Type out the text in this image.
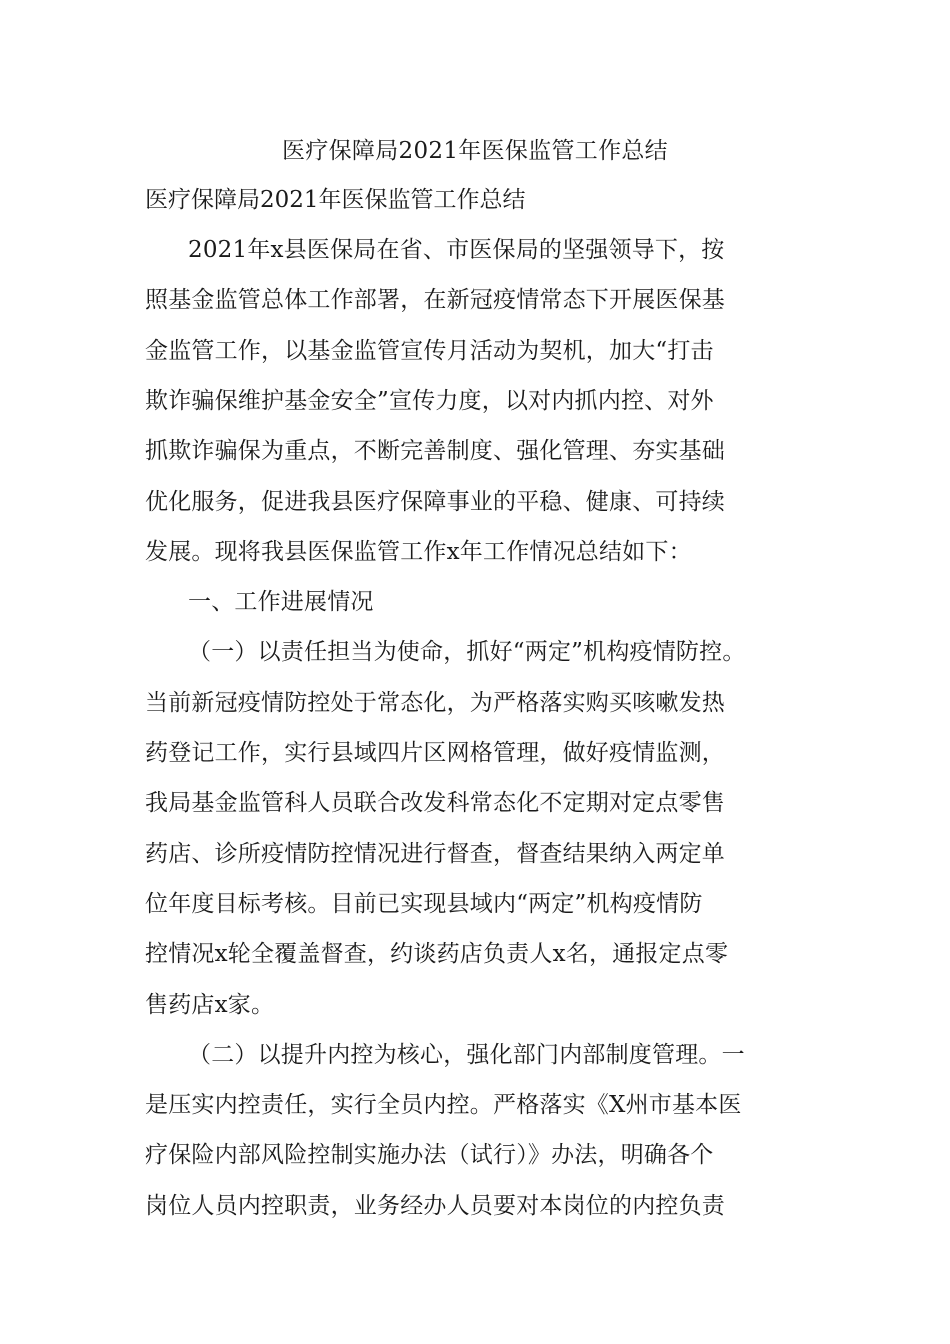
医疗保障局2021年医保监管工作总结
医疗保障局2021年医保监管工作总结
2021年x县医保局在省、市医保局的坚强领导下，按
照基金监管总体工作部署，在新冠疫情常态下开展医保基
金监管工作，以基金监管宣传月活动为契机，加大“打击
欺诈骗保维护基金安全”宣传力度，以对内抓内控、对外
抓欺诈骗保为重点，不断完善制度、强化管理、夯实基础
优化服务，促进我县医疗保障事业的平稳、健康、可持续
发展。现将我县医保监管工作x年工作情况总结如下：
一、工作进展情况
（一）以责任担当为使命，抓好“两定”机构疫情防控。
当前新冠疫情防控处于常态化，为严格落实购买咳嗽发热
药登记工作，实行县域四片区网格管理，做好疫情监测，
我局基金监管科人员联合改发科常态化不定期对定点零售
药店、诊所疫情防控情况进行督查，督查结果纳入两定单
位年度目标考核。目前已实现县域内“两定”机构疫情防
控情况x轮全覆盖督查，约谈药店负责人x名，通报定点零
售药店x家。
（二）以提升内控为核心，强化部门内部制度管理。一
是压实内控责任，实行全员内控。严格落实《X州市基本医
疗保险内部风险控制实施办法（试行）》办法，明确各个
岗位人员内控职责，业务经办人员要对本岗位的内控负责
